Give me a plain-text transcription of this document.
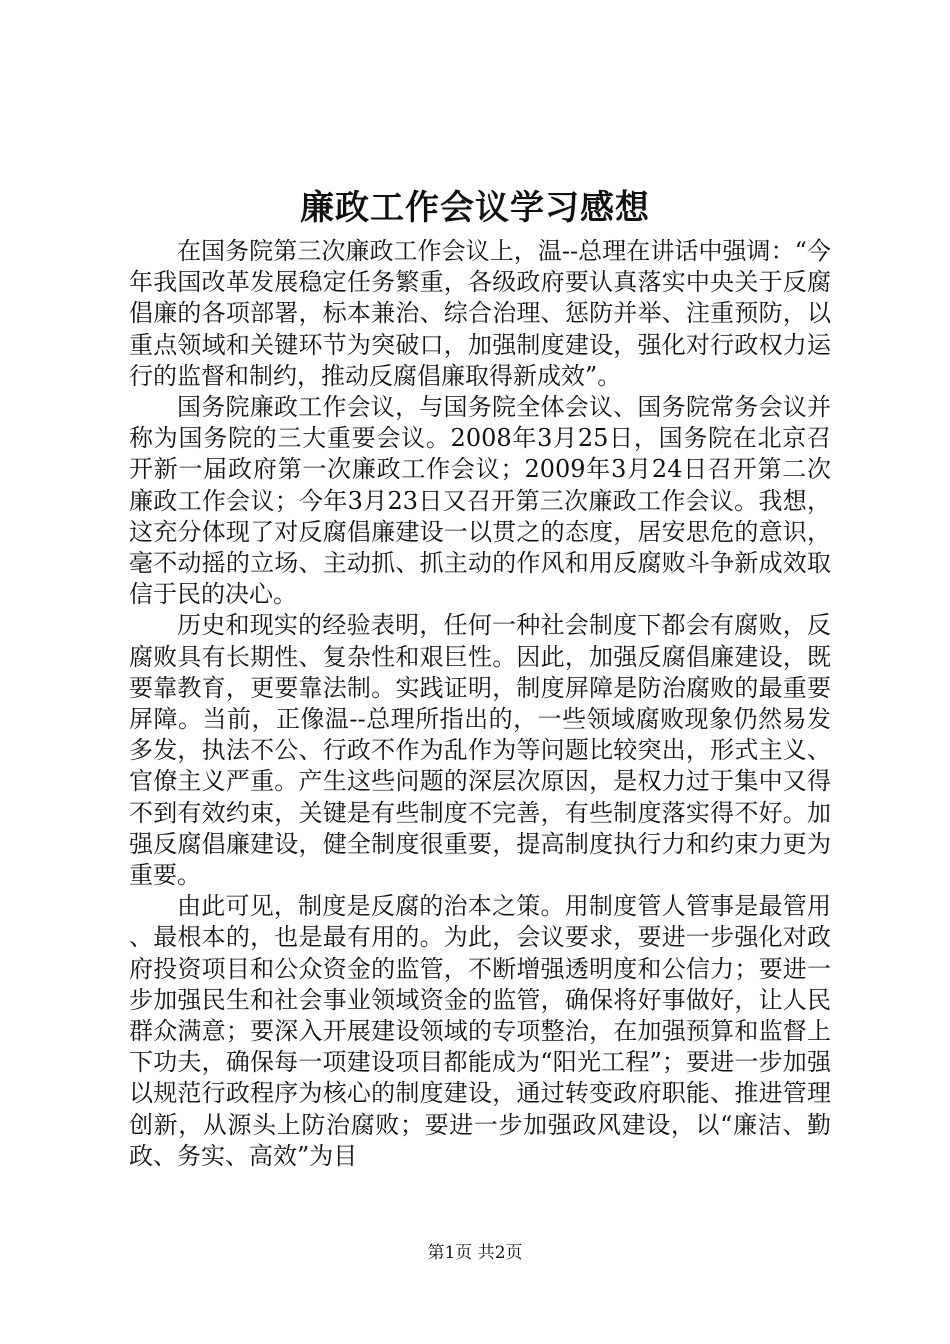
廉政工作会议学习感想

在国务院第三次廉政工作会议上，温--总理在讲话中强调：“今年我国改革发展稳定任务繁重，各级政府要认真落实中央关于反腐倡廉的各项部署，标本兼治、综合治理、惩防并举、注重预防，以重点领域和关键环节为突破口，加强制度建设，强化对行政权力运行的监督和制约，推动反腐倡廉取得新成效”。

国务院廉政工作会议，与国务院全体会议、国务院常务会议并称为国务院的三大重要会议。2008年3月25日，国务院在北京召开新一届政府第一次廉政工作会议；2009年3月24日召开第二次廉政工作会议；今年3月23日又召开第三次廉政工作会议。我想，这充分体现了对反腐倡廉建设一以贯之的态度，居安思危的意识，毫不动摇的立场、主动抓、抓主动的作风和用反腐败斗争新成效取信于民的决心。

历史和现实的经验表明，任何一种社会制度下都会有腐败，反腐败具有长期性、复杂性和艰巨性。因此，加强反腐倡廉建设，既要靠教育，更要靠法制。实践证明，制度屏障是防治腐败的最重要屏障。当前，正像温--总理所指出的，一些领域腐败现象仍然易发多发，执法不公、行政不作为乱作为等问题比较突出，形式主义、官僚主义严重。产生这些问题的深层次原因，是权力过于集中又得不到有效约束，关键是有些制度不完善，有些制度落实得不好。加强反腐倡廉建设，健全制度很重要，提高制度执行力和约束力更为重要。

由此可见，制度是反腐的治本之策。用制度管人管事是最管用、最根本的，也是最有用的。为此，会议要求，要进一步强化对政府投资项目和公众资金的监管，不断增强透明度和公信力；要进一步加强民生和社会事业领域资金的监管，确保将好事做好，让人民群众满意；要深入开展建设领域的专项整治，在加强预算和监督上下功夫，确保每一项建设项目都能成为“阳光工程”；要进一步加强以规范行政程序为核心的制度建设，通过转变政府职能、推进管理创新，从源头上防治腐败；要进一步加强政风建设，以“廉洁、勤政、务实、高效”为目

第1页 共2页
